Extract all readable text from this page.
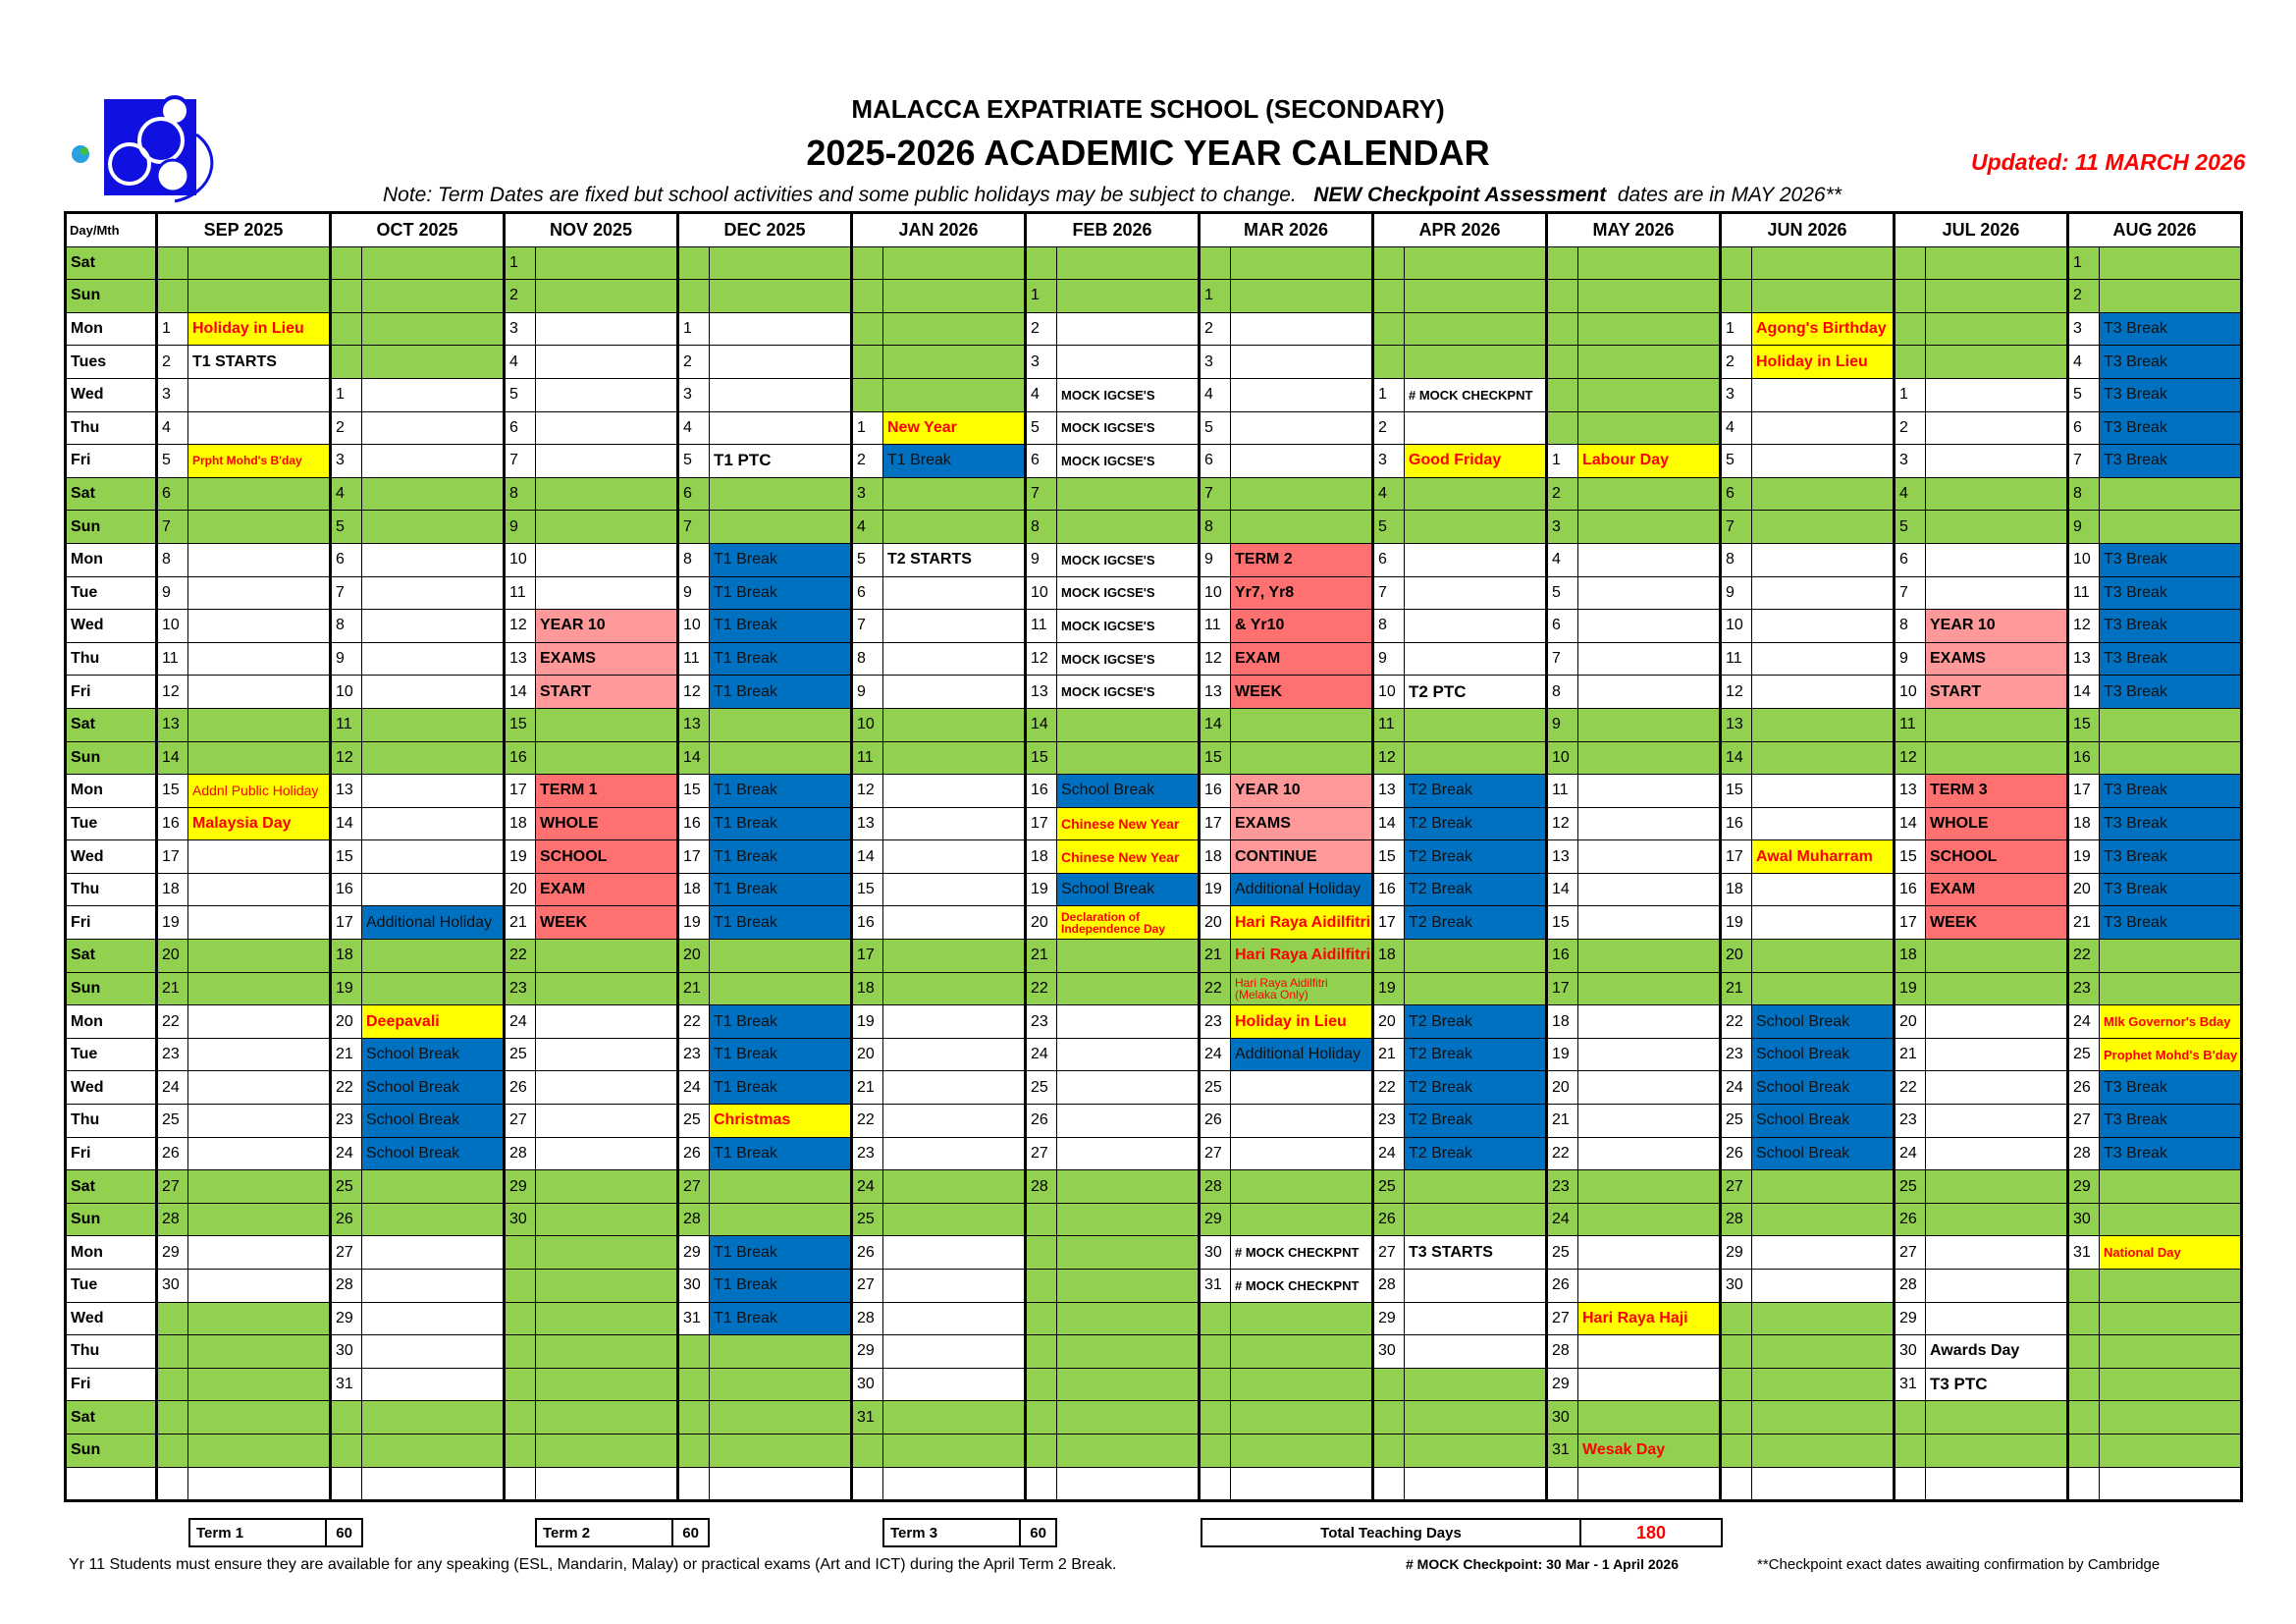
MALACCA EXPATRIATE SCHOOL (SECONDARY)
2025-2026 ACADEMIC YEAR CALENDAR	Updated: 11 MARCH 2026
Note: Term Dates are fixed but school activities and some public holidays may be subject to change. NEW Checkpoint Assessment dates are in MAY 2026**
Day/Mth	SEP 2025		OCT 2025		NOV 2025		DEC 2025		JAN 2026		FEB 2026		MAR 2026		APR 2026		MAY 2026		JUN 2026		JUL 2026		AUG 2026	
Sat					1																		1	
Sun					2						1		1										2	
Mon	1	Holiday in Lieu			3		1				2		2						1	Agong's Birthday			3	T3 Break
Tues	2	T1 STARTS			4		2				3		3						2	Holiday in Lieu			4	T3 Break
Wed	3		1		5		3				4	MOCK IGCSE'S	4		1	# MOCK CHECKPNT			3		1		5	T3 Break
Thu	4		2		6		4		1	New Year	5	MOCK IGCSE'S	5		2				4		2		6	T3 Break
Fri	5	Prpht Mohd's B'day	3		7		5	T1 PTC	2	T1 Break	6	MOCK IGCSE'S	6		3	Good Friday	1	Labour Day	5		3		7	T3 Break
Sat	6		4		8		6		3		7		7		4		2		6		4		8	
Sun	7		5		9		7		4		8		8		5		3		7		5		9	
Mon	8		6		10		8	T1 Break	5	T2 STARTS	9	MOCK IGCSE'S	9	TERM 2	6		4		8		6		10	T3 Break
Tue	9		7		11		9	T1 Break	6		10	MOCK IGCSE'S	10	Yr7, Yr8	7		5		9		7		11	T3 Break
Wed	10		8		12	YEAR 10	10	T1 Break	7		11	MOCK IGCSE'S	11	& Yr10	8		6		10		8	YEAR 10	12	T3 Break
Thu	11		9		13	EXAMS	11	T1 Break	8		12	MOCK IGCSE'S	12	EXAM	9		7		11		9	EXAMS	13	T3 Break
Fri	12		10		14	START	12	T1 Break	9		13	MOCK IGCSE'S	13	WEEK	10	T2 PTC	8		12		10	START	14	T3 Break
Sat	13		11		15		13		10		14		14		11		9		13		11		15	
Sun	14		12		16		14		11		15		15		12		10		14		12		16	
Mon	15	Addnl Public Holiday	13		17	TERM 1	15	T1 Break	12		16	School Break	16	YEAR 10	13	T2 Break	11		15		13	TERM 3	17	T3 Break
Tue	16	Malaysia Day	14		18	WHOLE	16	T1 Break	13		17	Chinese New Year	17	EXAMS	14	T2 Break	12		16		14	WHOLE	18	T3 Break
Wed	17		15		19	SCHOOL	17	T1 Break	14		18	Chinese New Year	18	CONTINUE	15	T2 Break	13		17	Awal Muharram	15	SCHOOL	19	T3 Break
Thu	18		16		20	EXAM	18	T1 Break	15		19	School Break	19	Additional Holiday	16	T2 Break	14		18		16	EXAM	20	T3 Break
Fri	19		17	Additional Holiday	21	WEEK	19	T1 Break	16		20	Declaration of Independence Day	20	Hari Raya Aidilfitri	17	T2 Break	15		19		17	WEEK	21	T3 Break
Sat	20		18		22		20		17		21		21	Hari Raya Aidilfitri	18		16		20		18		22	
Sun	21		19		23		21		18		22		22	Hari Raya Aidilfitri (Melaka Only)	19		17		21		19		23	
Mon	22		20	Deepavali	24		22	T1 Break	19		23		23	Holiday in Lieu	20	T2 Break	18		22	School Break	20		24	Mlk Governor's Bday
Tue	23		21	School Break	25		23	T1 Break	20		24		24	Additional Holiday	21	T2 Break	19		23	School Break	21		25	Prophet Mohd's B'day
Wed	24		22	School Break	26		24	T1 Break	21		25		25		22	T2 Break	20		24	School Break	22		26	T3 Break
Thu	25		23	School Break	27		25	Christmas	22		26		26		23	T2 Break	21		25	School Break	23		27	T3 Break
Fri	26		24	School Break	28		26	T1 Break	23		27		27		24	T2 Break	22		26	School Break	24		28	T3 Break
Sat	27		25		29		27		24		28		28		25		23		27		25		29	
Sun	28		26		30		28		25				29		26		24		28		26		30	
Mon	29		27				29	T1 Break	26				30	# MOCK CHECKPNT	27	T3 STARTS	25		29		27		31	National Day
Tue	30		28				30	T1 Break	27				31	# MOCK CHECKPNT	28		26		30		28			
Wed			29				31	T1 Break	28						29		27	Hari Raya Haji			29			
Thu			30						29						30		28				30	Awards Day		
Fri			31						30								29				31	T3 PTC		
Sat									31								30							
Sun																	31	Wesak Day						

Term 1	60	Term 2	60	Term 3	60	Total Teaching Days	180
Yr 11 Students must ensure they are available for any speaking (ESL, Mandarin, Malay) or practical exams (Art and ICT) during the April Term 2 Break.	# MOCK Checkpoint: 30 Mar - 1 April 2026	**Checkpoint exact dates awaiting confirmation by Cambridge
